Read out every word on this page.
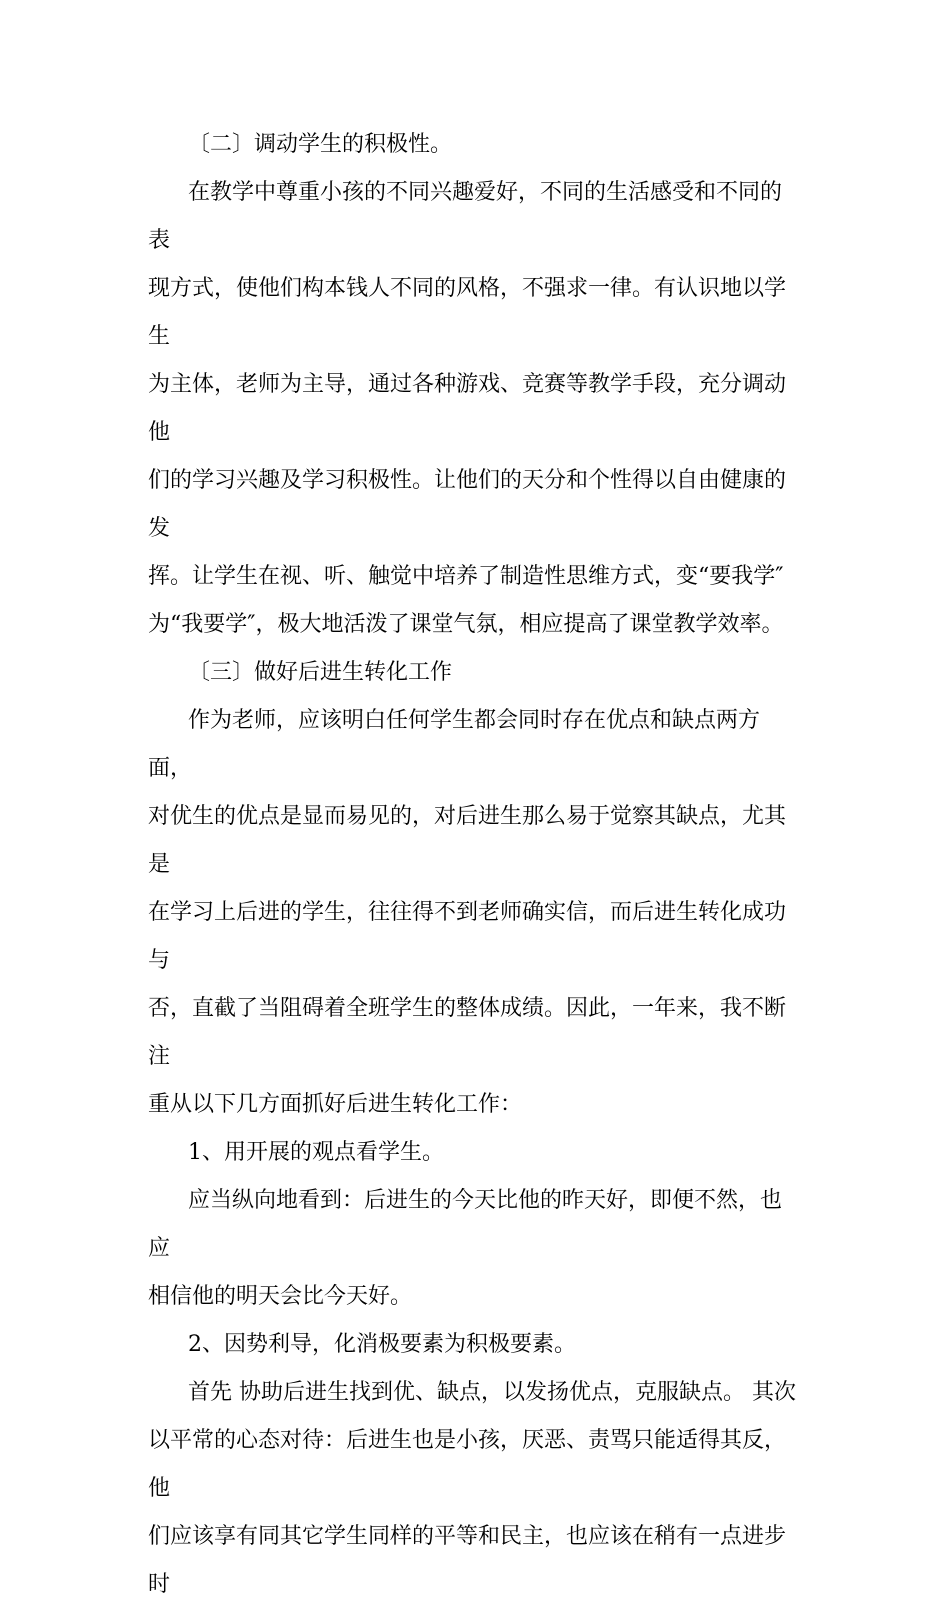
〔二〕调动学生的积极性。

在教学中尊重小孩的不同兴趣爱好，不同的生活感受和不同的表
现方式，使他们构本钱人不同的风格，不强求一律。有认识地以学生
为主体，老师为主导，通过各种游戏、竞赛等教学手段，充分调动他
们的学习兴趣及学习积极性。让他们的天分和个性得以自由健康的发
挥。让学生在视、听、触觉中培养了制造性思维方式，变“要我学″
为“我要学″，极大地活泼了课堂气氛，相应提高了课堂教学效率。

〔三〕做好后进生转化工作

作为老师，应该明白任何学生都会同时存在优点和缺点两方面，
对优生的优点是显而易见的，对后进生那么易于觉察其缺点，尤其是
在学习上后进的学生，往往得不到老师确实信，而后进生转化成功与
否，直截了当阻碍着全班学生的整体成绩。因此，一年来，我不断注
重从以下几方面抓好后进生转化工作：

1、用开展的观点看学生。

应当纵向地看到：后进生的今天比他的昨天好，即便不然，也应
相信他的明天会比今天好。

2、因势利导，化消极要素为积极要素。

首先 协助后进生找到优、缺点，以发扬优点，克服缺点。 其次
以平常的心态对待：后进生也是小孩，厌恶、责骂只能适得其反，他
们应该享有同其它学生同样的平等和民主，也应该在稍有一点进步时
